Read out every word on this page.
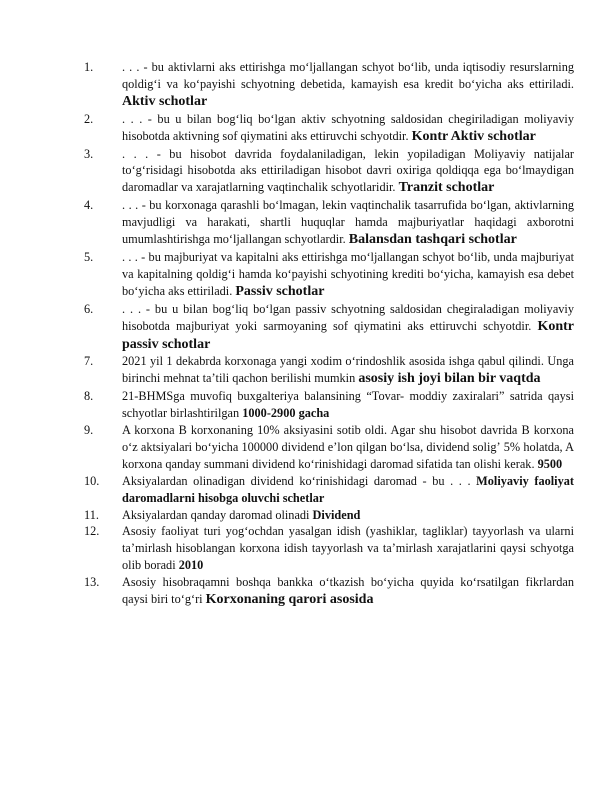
1.	. . . - bu aktivlarni aks ettirishga moʻljallangan schyot boʻlib, unda iqtisodiy resurslarning qoldigʻi va koʻpayishi schyotning debetida, kamayish esa kredit boʻyicha aks ettiriladi. Aktiv schotlar
2.	. . . - bu u bilan bogʻliq boʻlgan aktiv schyotning saldosidan chegiriladigan moliyaviy hisobotda aktivning sof qiymatini aks ettiruvchi schyotdir. Kontr Aktiv schotlar
3.	. . . - bu hisobot davrida foydalaniladigan, lekin yopiladigan Moliyaviy natijalar toʻgʻrisidagi hisobotda aks ettiriladigan hisobot davri oxiriga qoldiqqa ega boʻlmaydigan daromadlar va xarajatlarning vaqtinchalik schyotlaridir. Tranzit schotlar
4.	. . . - bu korxonaga qarashli boʻlmagan, lekin vaqtinchalik tasarrufida boʻlgan, aktivlarning mavjudligi va harakati, shartli huquqlar hamda majburiyatlar haqidagi axborotni umumlashtirishga moʻljallangan schyotlardir. Balansdan tashqari schotlar
5.	. . . - bu majburiyat va kapitalni aks ettirishga moʻljallangan schyot boʻlib, unda majburiyat va kapitalning qoldigʻi hamda koʻpayishi schyotining krediti boʻyicha, kamayish esa debet boʻyicha aks ettiriladi. Passiv schotlar
6.	. . . - bu u bilan bogʻliq boʻlgan passiv schyotning saldosidan chegiraladigan moliyaviy hisobotda majburiyat yoki sarmoyaning sof qiymatini aks ettiruvchi schyotdir. Kontr passiv schotlar
7.	2021 yil 1 dekabrda korxonaga yangi xodim oʻrindoshlik asosida ishga qabul qilindi. Unga birinchi mehnat taʼtili qachon berilishi mumkin asosiy ish joyi bilan bir vaqtda
8.	21-BHMSga muvofiq buxgalteriya balansining “Tovar- moddiy zaxiralari” satrida qaysi schyotlar birlashtirilgan 1000-2900 gacha
9.	A korxona B korxonaning 10% aksiyasini sotib oldi. Agar shu hisobot davrida B korxona oʻz aktsiyalari boʻyicha 100000 dividend eʼlon qilgan boʻlsa, dividend soligʼ 5% holatda, A korxona qanday summani dividend koʻrinishidagi daromad sifatida tan olishi kerak. 9500
10.	Aksiyalardan olinadigan dividend koʻrinishidagi daromad - bu . . . Moliyaviy faoliyat daromadlarni hisobga oluvchi schetlar
11.	Aksiyalardan qanday daromad olinadi Dividend
12.	Asosiy faoliyat turi yogʻochdan yasalgan idish (yashiklar, tagliklar) tayyorlash va ularni taʼmirlash hisoblangan korxona idish tayyorlash va taʼmirlash xarajatlarini qaysi schyotga olib boradi 2010
13.	Asosiy hisobraqamni boshqa bankka oʻtkazish boʻyicha quyida koʻrsatilgan fikrlardan qaysi biri toʻgʻri Korxonaning qarori asosida
